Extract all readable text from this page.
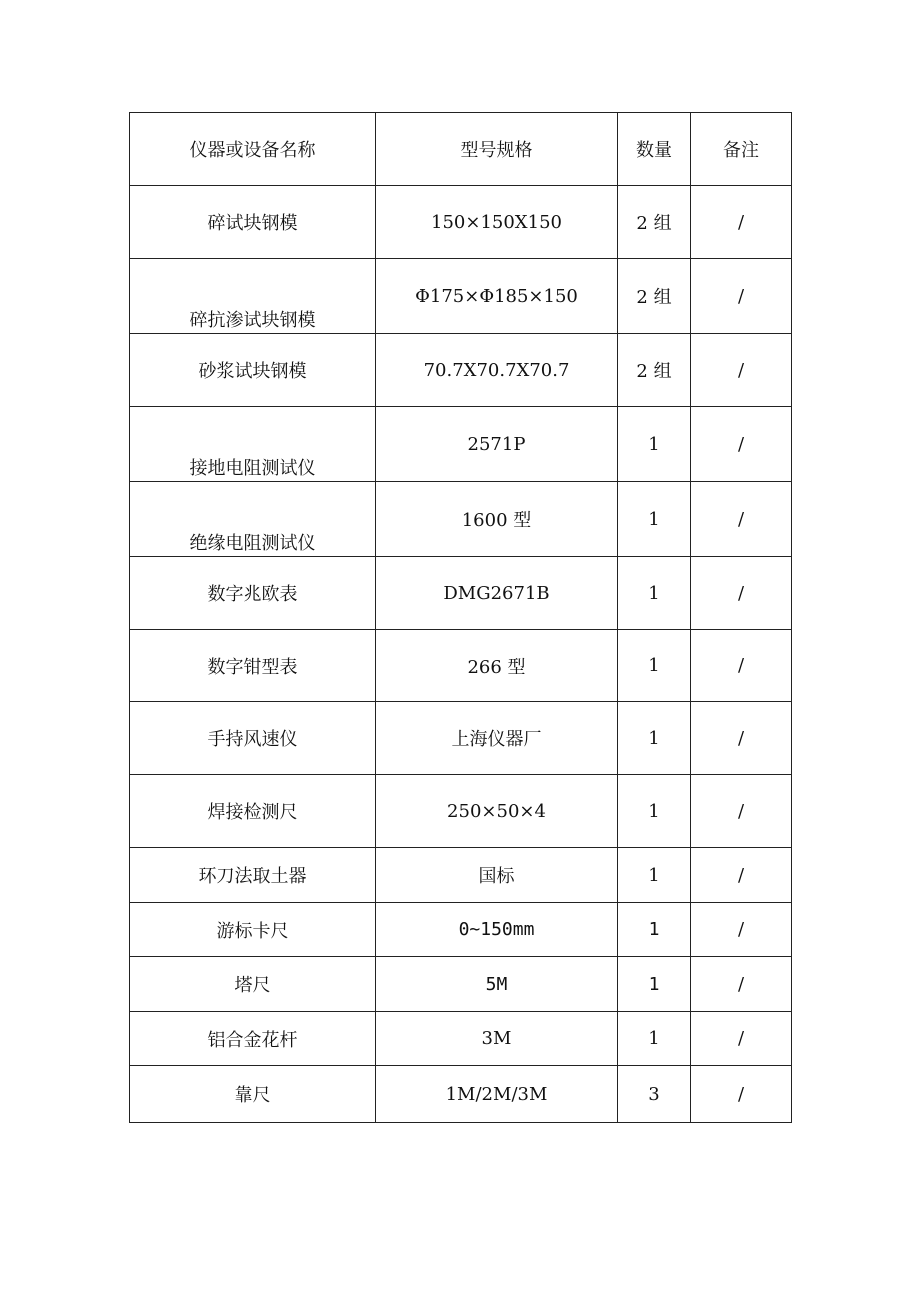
仪器或设备名称	型号规格	数量	备注
碎试块钢模	150×150X150	2 组	/
碎抗渗试块钢模	Φ175×Φ185×150	2 组	/
砂浆试块钢模	70.7X70.7X70.7	2 组	/
接地电阻测试仪	2571P	1	/
绝缘电阻测试仪	1600 型	1	/
数字兆欧表	DMG2671B	1	/
数字钳型表	266 型	1	/
手持风速仪	上海仪器厂	1	/
焊接检测尺	250×50×4	1	/
环刀法取土器	国标	1	/
游标卡尺	0~150mm	1	/
塔尺	5M	1	/
铝合金花杆	3M	1	/
靠尺	1M/2M/3M	3	/
